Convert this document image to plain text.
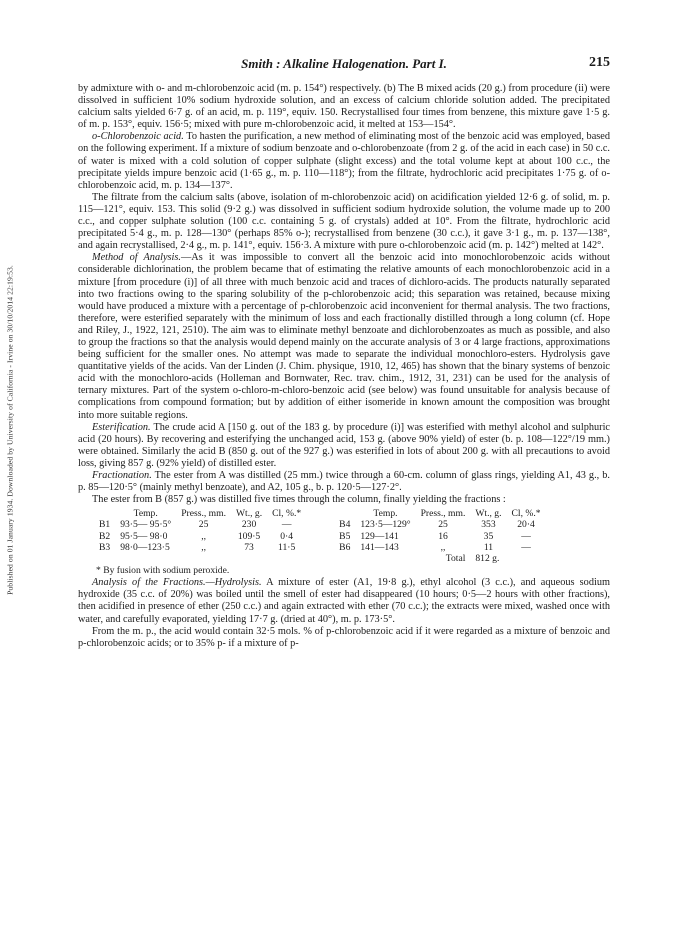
Published on 01 January 1934. Downloaded by University of California - Irvine on 30/10/2014 22:19:53.
Smith : Alkaline Halogenation. Part I.	215

by admixture with o- and m-chlorobenzoic acid (m. p. 154°) respectively. (b) The B mixed acids (20 g.) from procedure (ii) were dissolved in sufficient 10% sodium hydroxide solution, and an excess of calcium chloride solution added. The precipitated calcium salts yielded 6·7 g. of an acid, m. p. 119°, equiv. 150. Recrystallised four times from benzene, this mixture gave 1·5 g. of m. p. 153°, equiv. 156·5; mixed with pure m-chlorobenzoic acid, it melted at 153—154°.

o-Chlorobenzoic acid. To hasten the purification, a new method of eliminating most of the benzoic acid was employed, based on the following experiment. If a mixture of sodium benzoate and o-chlorobenzoate (from 2 g. of the acid in each case) in 50 c.c. of water is mixed with a cold solution of copper sulphate (slight excess) and the total volume kept at about 100 c.c., the precipitate yields impure benzoic acid (1·65 g., m. p. 110—118°); from the filtrate, hydrochloric acid precipitates 1·75 g. of o-chlorobenzoic acid, m. p. 134—137°.

The filtrate from the calcium salts (above, isolation of m-chlorobenzoic acid) on acidification yielded 12·6 g. of solid, m. p. 115—121°, equiv. 153. This solid (9·2 g.) was dissolved in sufficient sodium hydroxide solution, the volume made up to 200 c.c., and copper sulphate solution (100 c.c. containing 5 g. of crystals) added at 10°. From the filtrate, hydrochloric acid precipitated 5·4 g., m. p. 128—130° (perhaps 85% o-); recrystallised from benzene (30 c.c.), it gave 3·1 g., m. p. 137—138°, and again recrystallised, 2·4 g., m. p. 141°, equiv. 156·3. A mixture with pure o-chlorobenzoic acid (m. p. 142°) melted at 142°.

Method of Analysis.—As it was impossible to convert all the benzoic acid into monochlorobenzoic acids without considerable dichlorination, the problem became that of estimating the relative amounts of each monochlorobenzoic acid in a mixture [from procedure (i)] of all three with much benzoic acid and traces of dichloro-acids. The products naturally separated into two fractions owing to the sparing solubility of the p-chlorobenzoic acid; this separation was retained, because mixing would have produced a mixture with a percentage of p-chlorobenzoic acid inconvenient for thermal analysis. The two fractions, therefore, were esterified separately with the minimum of loss and each fractionally distilled through a long column (cf. Hope and Riley, J., 1922, 121, 2510). The aim was to eliminate methyl benzoate and dichlorobenzoates as much as possible, and also to group the fractions so that the analysis would depend mainly on the accurate analysis of 3 or 4 large fractions, approximations being sufficient for the smaller ones. No attempt was made to separate the individual monochloro-esters. Hydrolysis gave quantitative yields of the acids. Van der Linden (J. Chim. physique, 1910, 12, 465) has shown that the binary systems of benzoic acid with the monochloro-acids (Holleman and Bornwater, Rec. trav. chim., 1912, 31, 231) can be used for the analysis of ternary mixtures. Part of the system o-chloro-m-chloro-benzoic acid (see below) was found unsuitable for analysis because of complications from compound formation; but by addition of either isomeride in known amount the composition was brought into more suitable regions.

Esterification. The crude acid A [150 g. out of the 183 g. by procedure (i)] was esterified with methyl alcohol and sulphuric acid (20 hours). By recovering and esterifying the unchanged acid, 153 g. (above 90% yield) of ester (b. p. 108—122°/19 mm.) were obtained. Similarly the acid B (850 g. out of the 927 g.) was esterified in lots of about 200 g. with all precautions to avoid loss, giving 857 g. (92% yield) of distilled ester.

Fractionation. The ester from A was distilled (25 mm.) twice through a 60-cm. column of glass rings, yielding A1, 43 g., b. p. 85—120·5° (mainly methyl benzoate), and A2, 105 g., b. p. 120·5—127·2°.

The ester from B (857 g.) was distilled five times through the column, finally yielding the fractions :

	Temp.	Press., mm.	Wt., g.	Cl, %.*			Temp.	Press., mm.	Wt., g.	Cl, %.*
B1	93·5— 95·5°	25	230	—		B4	123·5—129°	25	353	20·4
B2	95·5— 98·0	,,	109·5	0·4		B5	129—141	16	35	—
B3	98·0—123·5	,,	73	11·5		B6	141—143	,,	11	—
								Total	812 g.	
* By fusion with sodium peroxide.

Analysis of the Fractions.—Hydrolysis. A mixture of ester (A1, 19·8 g.), ethyl alcohol (3 c.c.), and aqueous sodium hydroxide (35 c.c. of 20%) was boiled until the smell of ester had disappeared (10 hours; 0·5—2 hours with other fractions), then acidified in presence of ether (250 c.c.) and again extracted with ether (70 c.c.); the extracts were mixed, washed once with water, and carefully evaporated, yielding 17·7 g. (dried at 40°), m. p. 173·5°.

From the m. p., the acid would contain 32·5 mols. % of p-chlorobenzoic acid if it were regarded as a mixture of benzoic and p-chlorobenzoic acids; or to 35% p- if a mixture of p-
